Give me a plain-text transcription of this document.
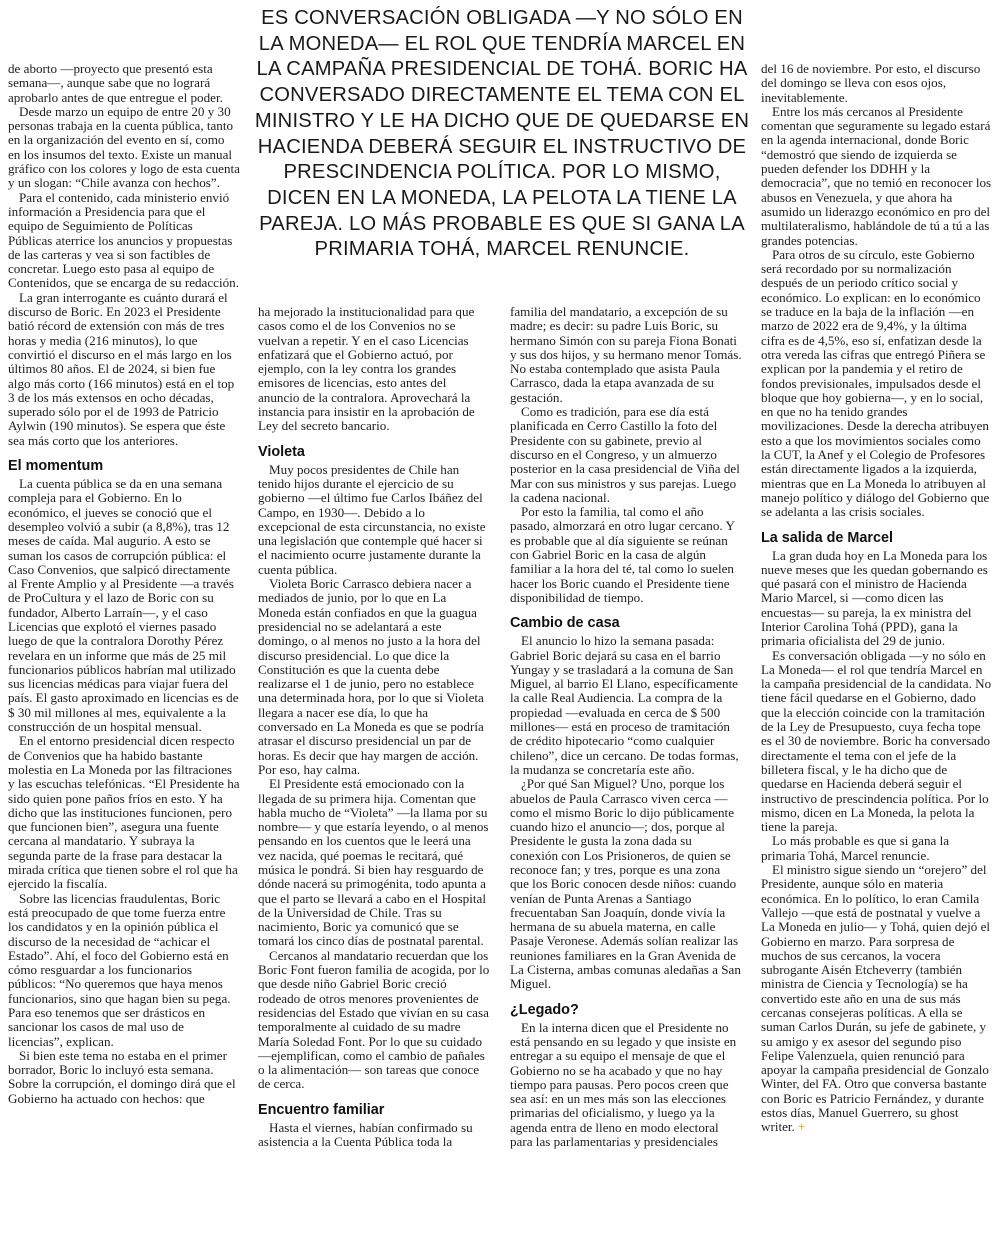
ES CONVERSACIÓN OBLIGADA —Y NO SÓLO EN LA MONEDA— EL ROL QUE TENDRÍA MARCEL EN LA CAMPAÑA PRESIDENCIAL DE TOHÁ. BORIC HA CONVERSADO DIRECTAMENTE EL TEMA CON EL MINISTRO Y LE HA DICHO QUE DE QUEDARSE EN HACIENDA DEBERÁ SEGUIR EL INSTRUCTIVO DE PRESCINDENCIA POLÍTICA. POR LO MISMO, DICEN EN LA MONEDA, LA PELOTA LA TIENE LA PAREJA. LO MÁS PROBABLE ES QUE SI GANA LA PRIMARIA TOHÁ, MARCEL RENUNCIE.

de aborto —proyecto que presentó esta semana—, aunque sabe que no logrará aprobarlo antes de que entregue el poder.

Desde marzo un equipo de entre 20 y 30 personas trabaja en la cuenta pública, tanto en la organización del evento en sí, como en los insumos del texto. Existe un manual gráfico con los colores y logo de esta cuenta y un slogan: “Chile avanza con hechos”.

Para el contenido, cada ministerio envió información a Presidencia para que el equipo de Seguimiento de Políticas Públicas aterrice los anuncios y propuestas de las carteras y vea si son factibles de concretar. Luego esto pasa al equipo de Contenidos, que se encarga de su redacción.

La gran interrogante es cuánto durará el discurso de Boric. En 2023 el Presidente batió récord de extensión con más de tres horas y media (216 minutos), lo que convirtió el discurso en el más largo en los últimos 80 años. El de 2024, si bien fue algo más corto (166 minutos) está en el top 3 de los más extensos en ocho décadas, superado sólo por el de 1993 de Patricio Aylwin (190 minutos). Se espera que éste sea más corto que los anteriores.

El momentum

La cuenta pública se da en una semana compleja para el Gobierno. En lo económico, el jueves se conoció que el desempleo volvió a subir (a 8,8%), tras 12 meses de caída. Mal augurio. A esto se suman los casos de corrupción pública: el Caso Convenios, que salpicó directamente al Frente Amplio y al Presidente —a través de ProCultura y el lazo de Boric con su fundador, Alberto Larraín—, y el caso Licencias que explotó el viernes pasado luego de que la contralora Dorothy Pérez revelara en un informe que más de 25 mil funcionarios públicos habrían mal utilizado sus licencias médicas para viajar fuera del país. El gasto aproximado en licencias es de $ 30 mil millones al mes, equivalente a la construcción de un hospital mensual.

En el entorno presidencial dicen respecto de Convenios que ha habido bastante molestia en La Moneda por las filtraciones y las escuchas telefónicas. “El Presidente ha sido quien pone paños fríos en esto. Y ha dicho que las instituciones funcionen, pero que funcionen bien”, asegura una fuente cercana al mandatario. Y subraya la segunda parte de la frase para destacar la mirada crítica que tienen sobre el rol que ha ejercido la fiscalía.

Sobre las licencias fraudulentas, Boric está preocupado de que tome fuerza entre los candidatos y en la opinión pública el discurso de la necesidad de “achicar el Estado”. Ahí, el foco del Gobierno está en cómo resguardar a los funcionarios públicos: “No queremos que haya menos funcionarios, sino que hagan bien su pega. Para eso tenemos que ser drásticos en sancionar los casos de mal uso de licencias”, explican.

Si bien este tema no estaba en el primer borrador, Boric lo incluyó esta semana. Sobre la corrupción, el domingo dirá que el Gobierno ha actuado con hechos: que

ha mejorado la institucionalidad para que casos como el de los Convenios no se vuelvan a repetir. Y en el caso Licencias enfatizará que el Gobierno actuó, por ejemplo, con la ley contra los grandes emisores de licencias, esto antes del anuncio de la contralora. Aprovechará la instancia para insistir en la aprobación de Ley del secreto bancario.

Violeta

Muy pocos presidentes de Chile han tenido hijos durante el ejercicio de su gobierno —el último fue Carlos Ibáñez del Campo, en 1930—. Debido a lo excepcional de esta circunstancia, no existe una legislación que contemple qué hacer si el nacimiento ocurre justamente durante la cuenta pública.

Violeta Boric Carrasco debiera nacer a mediados de junio, por lo que en La Moneda están confiados en que la guagua presidencial no se adelantará a este domingo, o al menos no justo a la hora del discurso presidencial. Lo que dice la Constitución es que la cuenta debe realizarse el 1 de junio, pero no establece una determinada hora, por lo que si Violeta llegara a nacer ese día, lo que ha conversado en La Moneda es que se podría atrasar el discurso presidencial un par de horas. Es decir que hay margen de acción. Por eso, hay calma.

El Presidente está emocionado con la llegada de su primera hija. Comentan que habla mucho de “Violeta” —la llama por su nombre— y que estaría leyendo, o al menos pensando en los cuentos que le leerá una vez nacida, qué poemas le recitará, qué música le pondrá. Si bien hay resguardo de dónde nacerá su primogénita, todo apunta a que el parto se llevará a cabo en el Hospital de la Universidad de Chile. Tras su nacimiento, Boric ya comunicó que se tomará los cinco días de postnatal parental.

Cercanos al mandatario recuerdan que los Boric Font fueron familia de acogida, por lo que desde niño Gabriel Boric creció rodeado de otros menores provenientes de residencias del Estado que vivían en su casa temporalmente al cuidado de su madre María Soledad Font. Por lo que su cuidado —ejemplifican, como el cambio de pañales o la alimentación— son tareas que conoce de cerca.

Encuentro familiar

Hasta el viernes, habían confirmado su asistencia a la Cuenta Pública toda la

familia del mandatario, a excepción de su madre; es decir: su padre Luis Boric, su hermano Simón con su pareja Fiona Bonati y sus dos hijos, y su hermano menor Tomás. No estaba contemplado que asista Paula Carrasco, dada la etapa avanzada de su gestación.

Como es tradición, para ese día está planificada en Cerro Castillo la foto del Presidente con su gabinete, previo al discurso en el Congreso, y un almuerzo posterior en la casa presidencial de Viña del Mar con sus ministros y sus parejas. Luego la cadena nacional.

Por esto la familia, tal como el año pasado, almorzará en otro lugar cercano. Y es probable que al día siguiente se reúnan con Gabriel Boric en la casa de algún familiar a la hora del té, tal como lo suelen hacer los Boric cuando el Presidente tiene disponibilidad de tiempo.

Cambio de casa

El anuncio lo hizo la semana pasada: Gabriel Boric dejará su casa en el barrio Yungay y se trasladará a la comuna de San Miguel, al barrio El Llano, específicamente la calle Real Audiencia. La compra de la propiedad —evaluada en cerca de $ 500 millones— está en proceso de tramitación de crédito hipotecario “como cualquier chileno”, dice un cercano. De todas formas, la mudanza se concretaría este año.

¿Por qué San Miguel? Uno, porque los abuelos de Paula Carrasco viven cerca —como el mismo Boric lo dijo públicamente cuando hizo el anuncio—; dos, porque al Presidente le gusta la zona dada su conexión con Los Prisioneros, de quien se reconoce fan; y tres, porque es una zona que los Boric conocen desde niños: cuando venían de Punta Arenas a Santiago frecuentaban San Joaquín, donde vivía la hermana de su abuela materna, en calle Pasaje Veronese. Además solían realizar las reuniones familiares en la Gran Avenida de La Cisterna, ambas comunas aledañas a San Miguel.

¿Legado?

En la interna dicen que el Presidente no está pensando en su legado y que insiste en entregar a su equipo el mensaje de que el Gobierno no se ha acabado y que no hay tiempo para pausas. Pero pocos creen que sea así: en un mes más son las elecciones primarias del oficialismo, y luego ya la agenda entra de lleno en modo electoral para las parlamentarias y presidenciales

del 16 de noviembre. Por esto, el discurso del domingo se lleva con esos ojos, inevitablemente.

Entre los más cercanos al Presidente comentan que seguramente su legado estará en la agenda internacional, donde Boric “demostró que siendo de izquierda se pueden defender los DDHH y la democracia”, que no temió en reconocer los abusos en Venezuela, y que ahora ha asumido un liderazgo económico en pro del multilateralismo, hablándole de tú a tú a las grandes potencias.

Para otros de su círculo, este Gobierno será recordado por su normalización después de un periodo crítico social y económico. Lo explican: en lo económico se traduce en la baja de la inflación —en marzo de 2022 era de 9,4%, y la última cifra es de 4,5%, eso sí, enfatizan desde la otra vereda las cifras que entregó Piñera se explican por la pandemia y el retiro de fondos previsionales, impulsados desde el bloque que hoy gobierna—, y en lo social, en que no ha tenido grandes movilizaciones. Desde la derecha atribuyen esto a que los movimientos sociales como la CUT, la Anef y el Colegio de Profesores están directamente ligados a la izquierda, mientras que en La Moneda lo atribuyen al manejo político y diálogo del Gobierno que se adelanta a las crisis sociales.

La salida de Marcel

La gran duda hoy en La Moneda para los nueve meses que les quedan gobernando es qué pasará con el ministro de Hacienda Mario Marcel, si —como dicen las encuestas— su pareja, la ex ministra del Interior Carolina Tohá (PPD), gana la primaria oficialista del 29 de junio.

Es conversación obligada —y no sólo en La Moneda— el rol que tendría Marcel en la campaña presidencial de la candidata. No tiene fácil quedarse en el Gobierno, dado que la elección coincide con la tramitación de la Ley de Presupuesto, cuya fecha tope es el 30 de noviembre. Boric ha conversado directamente el tema con el jefe de la billetera fiscal, y le ha dicho que de quedarse en Hacienda deberá seguir el instructivo de prescindencia política. Por lo mismo, dicen en La Moneda, la pelota la tiene la pareja.

Lo más probable es que si gana la primaria Tohá, Marcel renuncie.

El ministro sigue siendo un “orejero” del Presidente, aunque sólo en materia económica. En lo político, lo eran Camila Vallejo —que está de postnatal y vuelve a La Moneda en julio— y Tohá, quien dejó el Gobierno en marzo. Para sorpresa de muchos de sus cercanos, la vocera subrogante Aisén Etcheverry (también ministra de Ciencia y Tecnología) se ha convertido este año en una de sus más cercanas consejeras políticas. A ella se suman Carlos Durán, su jefe de gabinete, y su amigo y ex asesor del segundo piso Felipe Valenzuela, quien renunció para apoyar la campaña presidencial de Gonzalo Winter, del FA. Otro que conversa bastante con Boric es Patricio Fernández, y durante estos días, Manuel Guerrero, su ghost writer. +
